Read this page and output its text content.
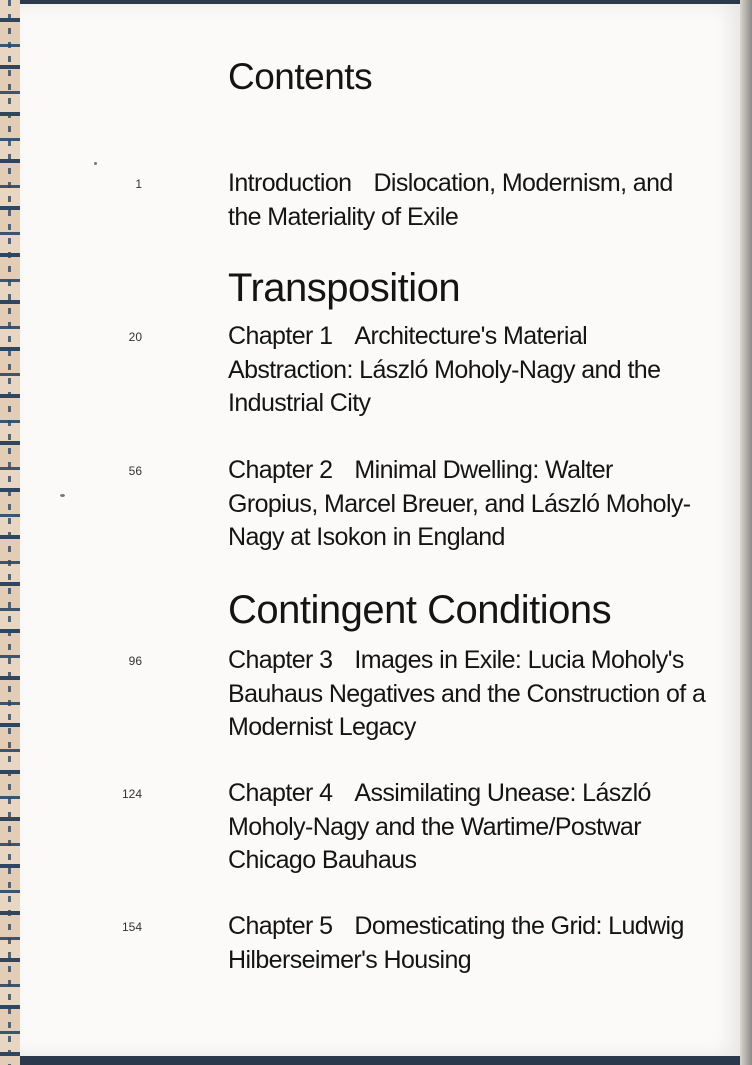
Contents
1	Introduction Dislocation, Modernism, and the Materiality of Exile
Transposition
20	Chapter 1 Architecture's Material Abstraction: László Moholy-Nagy and the Industrial City
56	Chapter 2 Minimal Dwelling: Walter Gropius, Marcel Breuer, and László Moholy-Nagy at Isokon in England
Contingent Conditions
96	Chapter 3 Images in Exile: Lucia Moholy's Bauhaus Negatives and the Construction of a Modernist Legacy
124	Chapter 4 Assimilating Unease: László Moholy-Nagy and the Wartime/Postwar Chicago Bauhaus
154	Chapter 5 Domesticating the Grid: Ludwig Hilberseimer's Housing
